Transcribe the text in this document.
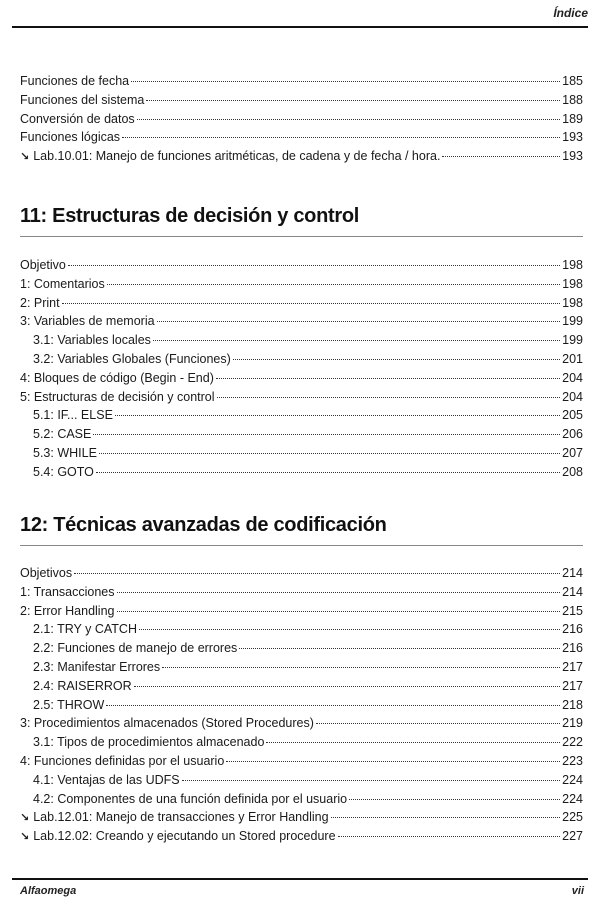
Índice
Funciones de fecha	185
Funciones del sistema	188
Conversión de datos	189
Funciones lógicas	193
↘ Lab.10.01: Manejo de funciones aritméticas, de cadena y de fecha / hora.	193
11: Estructuras de decisión y control
Objetivo	198
1: Comentarios	198
2: Print	198
3: Variables de memoria	199
3.1: Variables locales	199
3.2: Variables Globales (Funciones)	201
4: Bloques de código (Begin - End)	204
5: Estructuras de decisión y control	204
5.1: IF... ELSE	205
5.2: CASE	206
5.3: WHILE	207
5.4: GOTO	208
12: Técnicas avanzadas de codificación
Objetivos	214
1: Transacciones	214
2: Error Handling	215
2.1: TRY y CATCH	216
2.2: Funciones de manejo de errores	216
2.3: Manifestar Errores	217
2.4: RAISERROR	217
2.5: THROW	218
3: Procedimientos almacenados (Stored Procedures)	219
3.1: Tipos de procedimientos almacenado	222
4: Funciones definidas por el usuario	223
4.1: Ventajas de las UDFS	224
4.2: Componentes de una función definida por el usuario	224
↘ Lab.12.01: Manejo de transacciones y Error Handling	225
↘ Lab.12.02: Creando y ejecutando un Stored procedure	227
Alfaomega	vii
